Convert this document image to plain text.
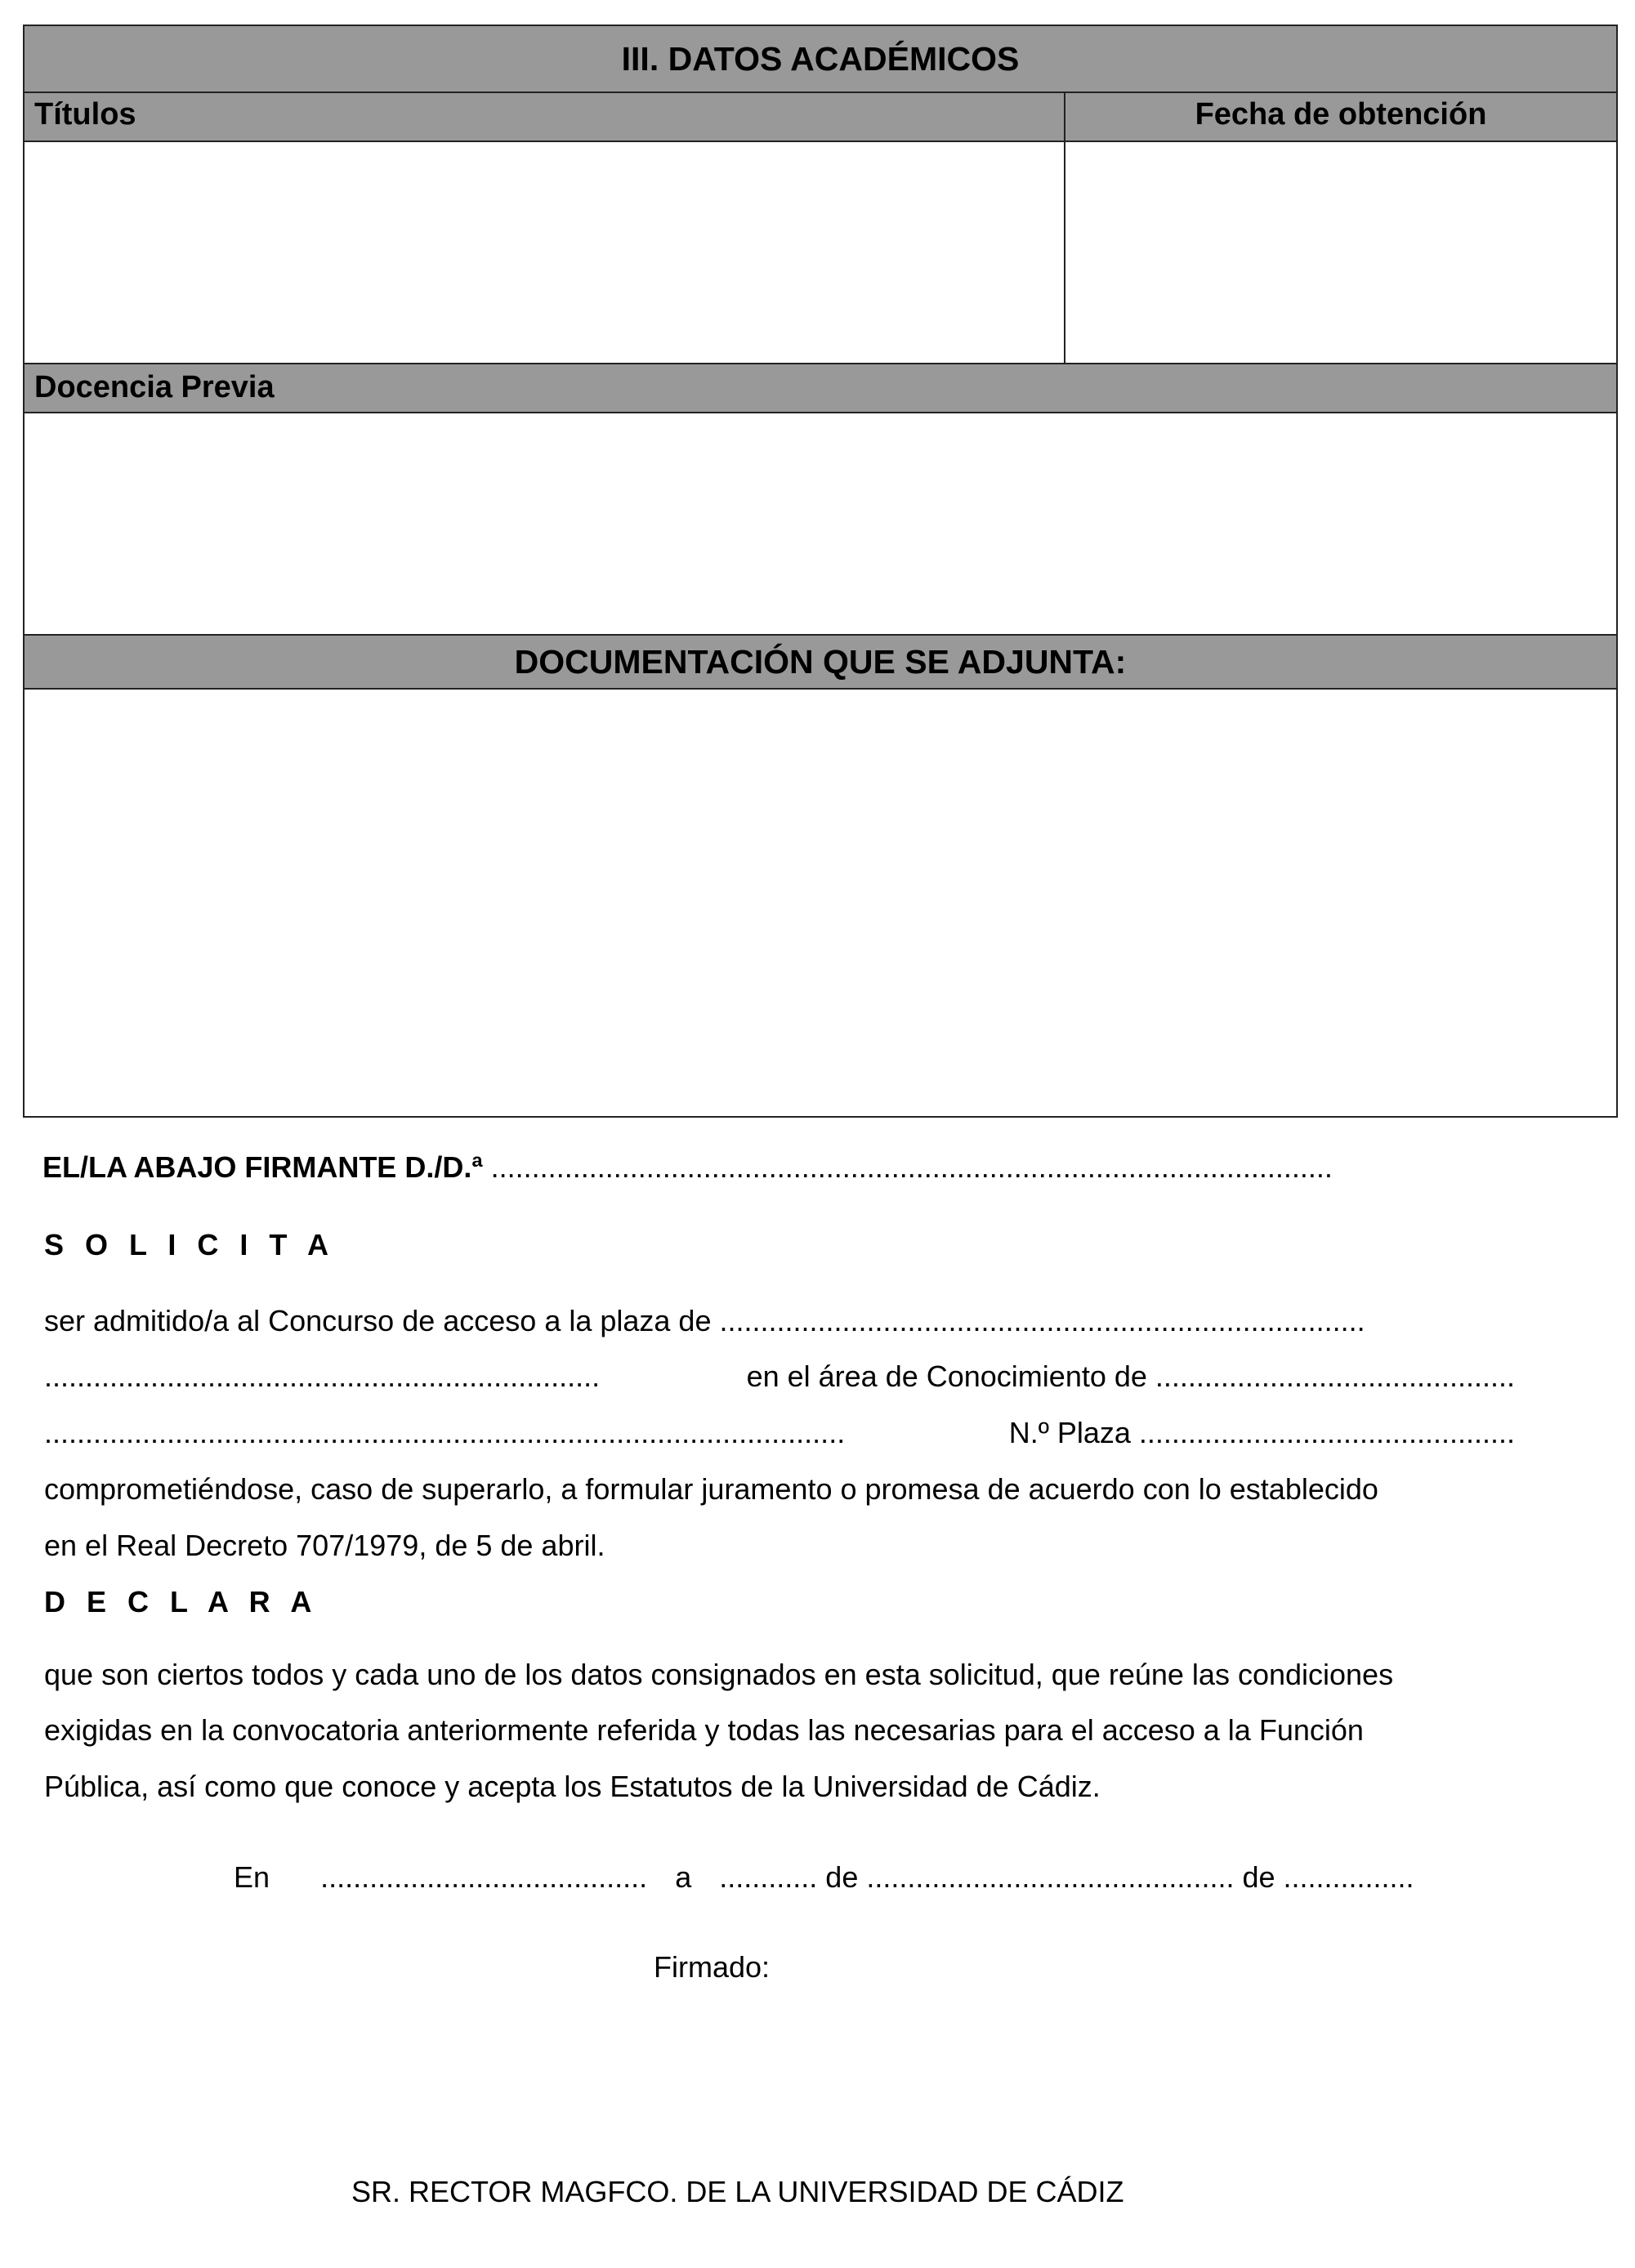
III. DATOS ACADÉMICOS
Títulos	Fecha de obtención
Docencia Previa
DOCUMENTACIÓN QUE SE ADJUNTA:
EL/LA ABAJO FIRMANTE D./D.ª .......................................................................................................
S O L I C I T A
ser admitido/a al Concurso de acceso a la plaza de ...............................................................................
....................................................................	en el área de Conocimiento de ............................................
..................................................................................................	N.º Plaza ..............................................
comprometiéndose, caso de superarlo, a formular juramento o promesa de acuerdo con lo establecido
en el Real Decreto 707/1979, de 5 de abril.
D E C L A R A
que son ciertos todos y cada uno de los datos consignados en esta solicitud, que reúne las condiciones
exigidas en la convocatoria anteriormente referida y todas las necesarias para el acceso a la Función
Pública, así como que conoce y acepta los Estatutos de la Universidad de Cádiz.
En ........................................ a ............ de ............................................. de ................
Firmado:
SR. RECTOR MAGFCO. DE LA UNIVERSIDAD DE CÁDIZ
